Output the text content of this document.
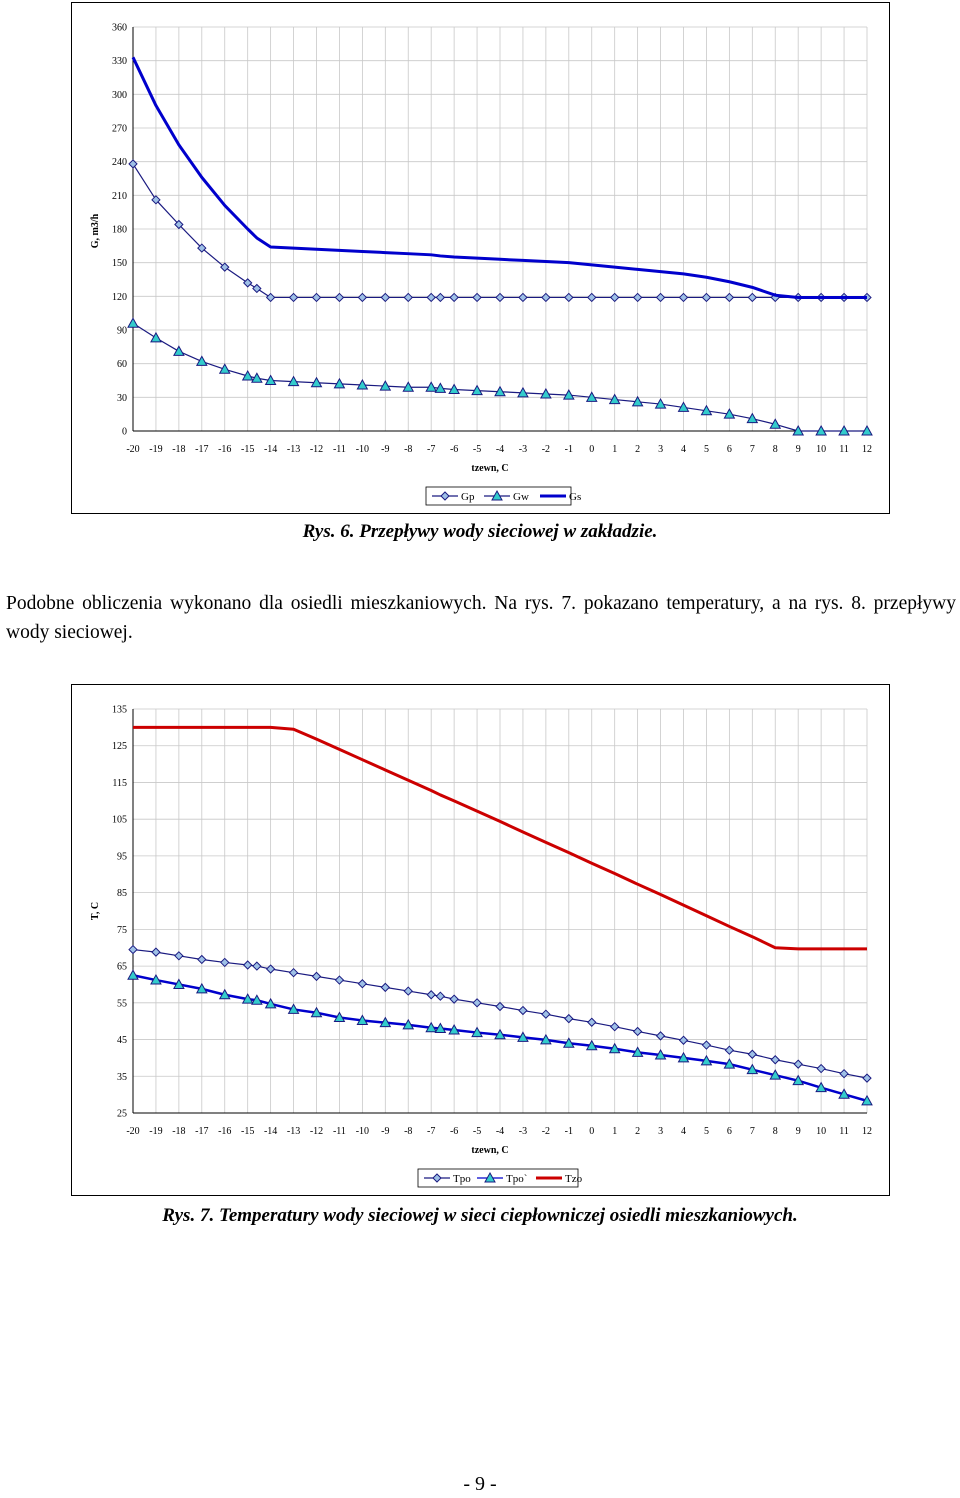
0
30
60
90
120
150
180
210
240
270
300
330
360
-20 -19 -18 -17 -16 -15 -14 -13 -12 -11 -10 -9 -8 -7 -6 -5 -4 -3 -2 -1 0 1 2 3 4 5 6 7 8 9 10 11 12
tzewn, C
G, m3/h
Gp	Gw	Gs
Rys. 6. Przepływy wody sieciowej w zakładzie.
Podobne obliczenia wykonano dla osiedli mieszkaniowych. Na rys. 7. pokazano temperatury, a na rys. 8. przepływy wody sieciowej.
25
35
45
55
65
75
85
95
105
115
125
135
-20 -19 -18 -17 -16 -15 -14 -13 -12 -11 -10 -9 -8 -7 -6 -5 -4 -3 -2 -1 0 1 2 3 4 5 6 7 8 9 10 11 12
tzewn, C
T, C
Tpo	Tpo`	Tzo
Rys. 7. Temperatury wody sieciowej w sieci ciepłowniczej osiedli mieszkaniowych.
- 9 -
